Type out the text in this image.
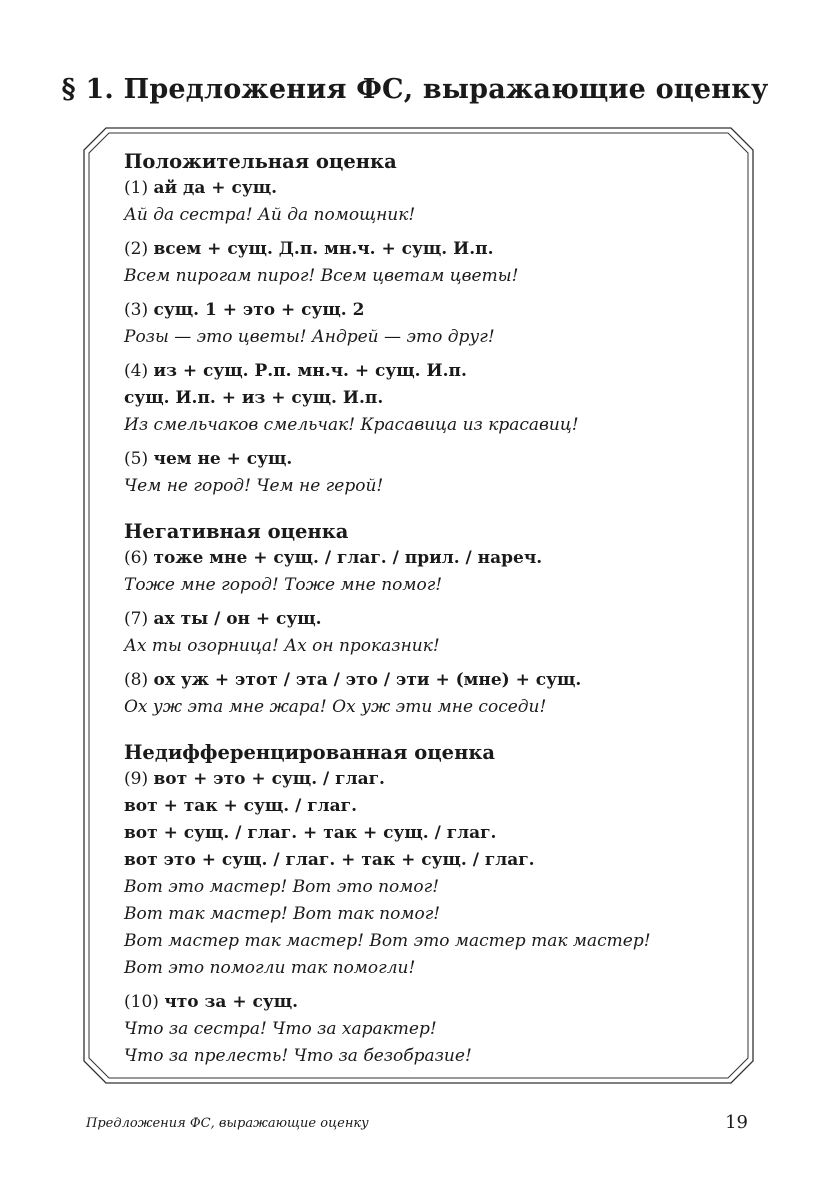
§ 1. Предложения ФС, выражающие оценку
Положительная оценка
(1) ай да + сущ.
Ай да сестра! Ай да помощник!
(2) всем + сущ. Д.п. мн.ч. + сущ. И.п.
Всем пирогам пирог! Всем цветам цветы!
(3) сущ. 1 + это + сущ. 2
Розы — это цветы! Андрей — это друг!
(4) из + сущ. Р.п. мн.ч. + сущ. И.п.
сущ. И.п. + из + сущ. И.п.
Из смельчаков смельчак! Красавица из красавиц!
(5) чем не + сущ.
Чем не город! Чем не герой!
Негативная оценка
(6) тоже мне + сущ. / глаг. / прил. / нареч.
Тоже мне город! Тоже мне помог!
(7) ах ты / он + сущ.
Ах ты озорница! Ах он проказник!
(8) ох уж + этот / эта / это / эти + (мне) + сущ.
Ох уж эта мне жара! Ох уж эти мне соседи!
Недифференцированная оценка
(9) вот + это + сущ. / глаг.
вот + так + сущ. / глаг.
вот + сущ. / глаг. + так + сущ. / глаг.
вот это + сущ. / глаг. + так + сущ. / глаг.
Вот это мастер! Вот это помог!
Вот так мастер! Вот так помог!
Вот мастер так мастер! Вот это мастер так мастер!
Вот это помогли так помогли!
(10) что за + сущ.
Что за сестра! Что за характер!
Что за прелесть! Что за безобразие!
Предложения ФС, выражающие оценку	19
